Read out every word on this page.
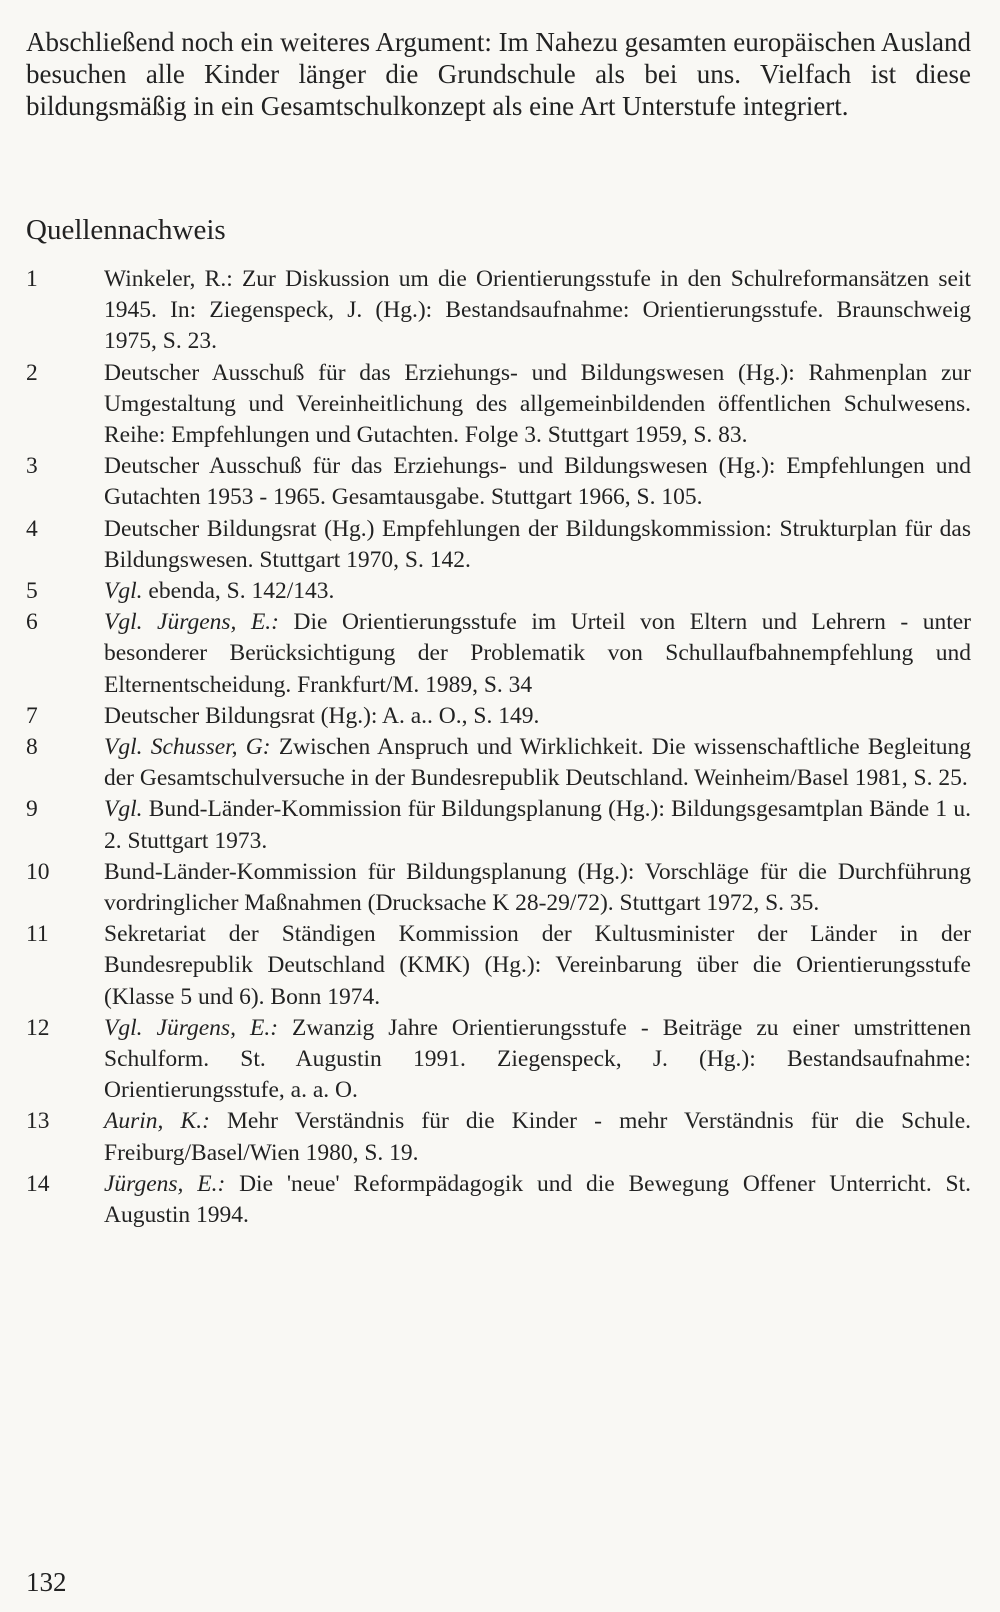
Abschließend noch ein weiteres Argument: Im Nahezu gesamten europäischen Ausland besuchen alle Kinder länger die Grundschule als bei uns. Vielfach ist diese bildungsmäßig in ein Gesamtschulkonzept als eine Art Unterstufe integriert.

Quellennachweis
1	Winkeler, R.: Zur Diskussion um die Orientierungsstufe in den Schulreformansätzen seit 1945. In: Ziegenspeck, J. (Hg.): Bestandsaufnahme: Orientierungsstufe. Braunschweig 1975, S. 23.
2	Deutscher Ausschuß für das Erziehungs- und Bildungswesen (Hg.): Rahmenplan zur Umgestaltung und Vereinheitlichung des allgemeinbildenden öffentlichen Schulwesens. Reihe: Empfehlungen und Gutachten. Folge 3. Stuttgart 1959, S. 83.
3	Deutscher Ausschuß für das Erziehungs- und Bildungswesen (Hg.): Empfehlungen und Gutachten 1953 - 1965. Gesamtausgabe. Stuttgart 1966, S. 105.
4	Deutscher Bildungsrat (Hg.) Empfehlungen der Bildungskommission: Strukturplan für das Bildungswesen. Stuttgart 1970, S. 142.
5	Vgl. ebenda, S. 142/143.
6	Vgl. Jürgens, E.: Die Orientierungsstufe im Urteil von Eltern und Lehrern - unter besonderer Berücksichtigung der Problematik von Schullaufbahnempfehlung und Elternentscheidung. Frankfurt/M. 1989, S. 34
7	Deutscher Bildungsrat (Hg.): A. a.. O., S. 149.
8	Vgl. Schusser, G: Zwischen Anspruch und Wirklichkeit. Die wissenschaftliche Begleitung der Gesamtschulversuche in der Bundesrepublik Deutschland. Weinheim/Basel 1981, S. 25.
9	Vgl. Bund-Länder-Kommission für Bildungsplanung (Hg.): Bildungsgesamtplan Bände 1 u. 2. Stuttgart 1973.
10	Bund-Länder-Kommission für Bildungsplanung (Hg.): Vorschläge für die Durchführung vordringlicher Maßnahmen (Drucksache K 28-29/72). Stuttgart 1972, S. 35.
11	Sekretariat der Ständigen Kommission der Kultusminister der Länder in der Bundesrepublik Deutschland (KMK) (Hg.): Vereinbarung über die Orientierungsstufe (Klasse 5 und 6). Bonn 1974.
12	Vgl. Jürgens, E.: Zwanzig Jahre Orientierungsstufe - Beiträge zu einer umstrittenen Schulform. St. Augustin 1991. Ziegenspeck, J. (Hg.): Bestandsaufnahme: Orientierungsstufe, a. a. O.
13	Aurin, K.: Mehr Verständnis für die Kinder - mehr Verständnis für die Schule. Freiburg/Basel/Wien 1980, S. 19.
14	Jürgens, E.: Die 'neue' Reformpädagogik und die Bewegung Offener Unterricht. St. Augustin 1994.
132
